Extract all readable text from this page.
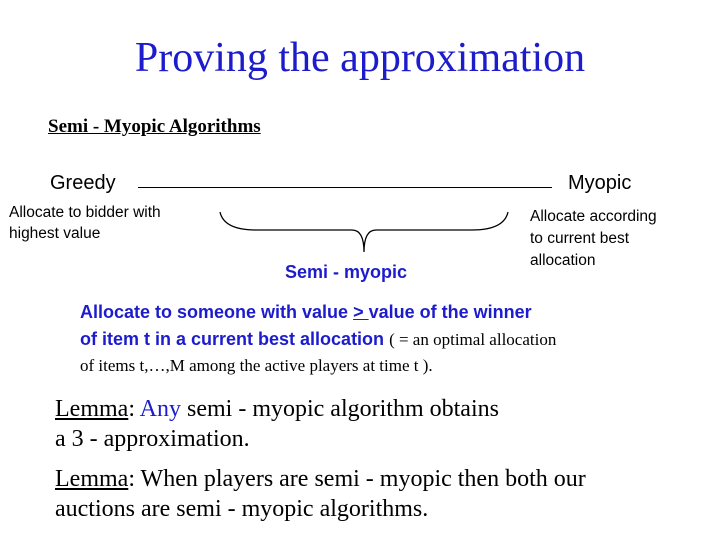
Proving the approximation
Semi - Myopic Algorithms
Greedy	Myopic
Allocate to bidder with
highest value
Allocate according
to current best
allocation
Semi - myopic
Allocate to someone with value > value of the winner
of item t in a current best allocation ( = an optimal allocation
of items t,…,M among the active players at time t ).
Lemma: Any semi - myopic algorithm obtains
a 3 - approximation.
Lemma: When players are semi - myopic then both our
auctions are semi - myopic algorithms.
